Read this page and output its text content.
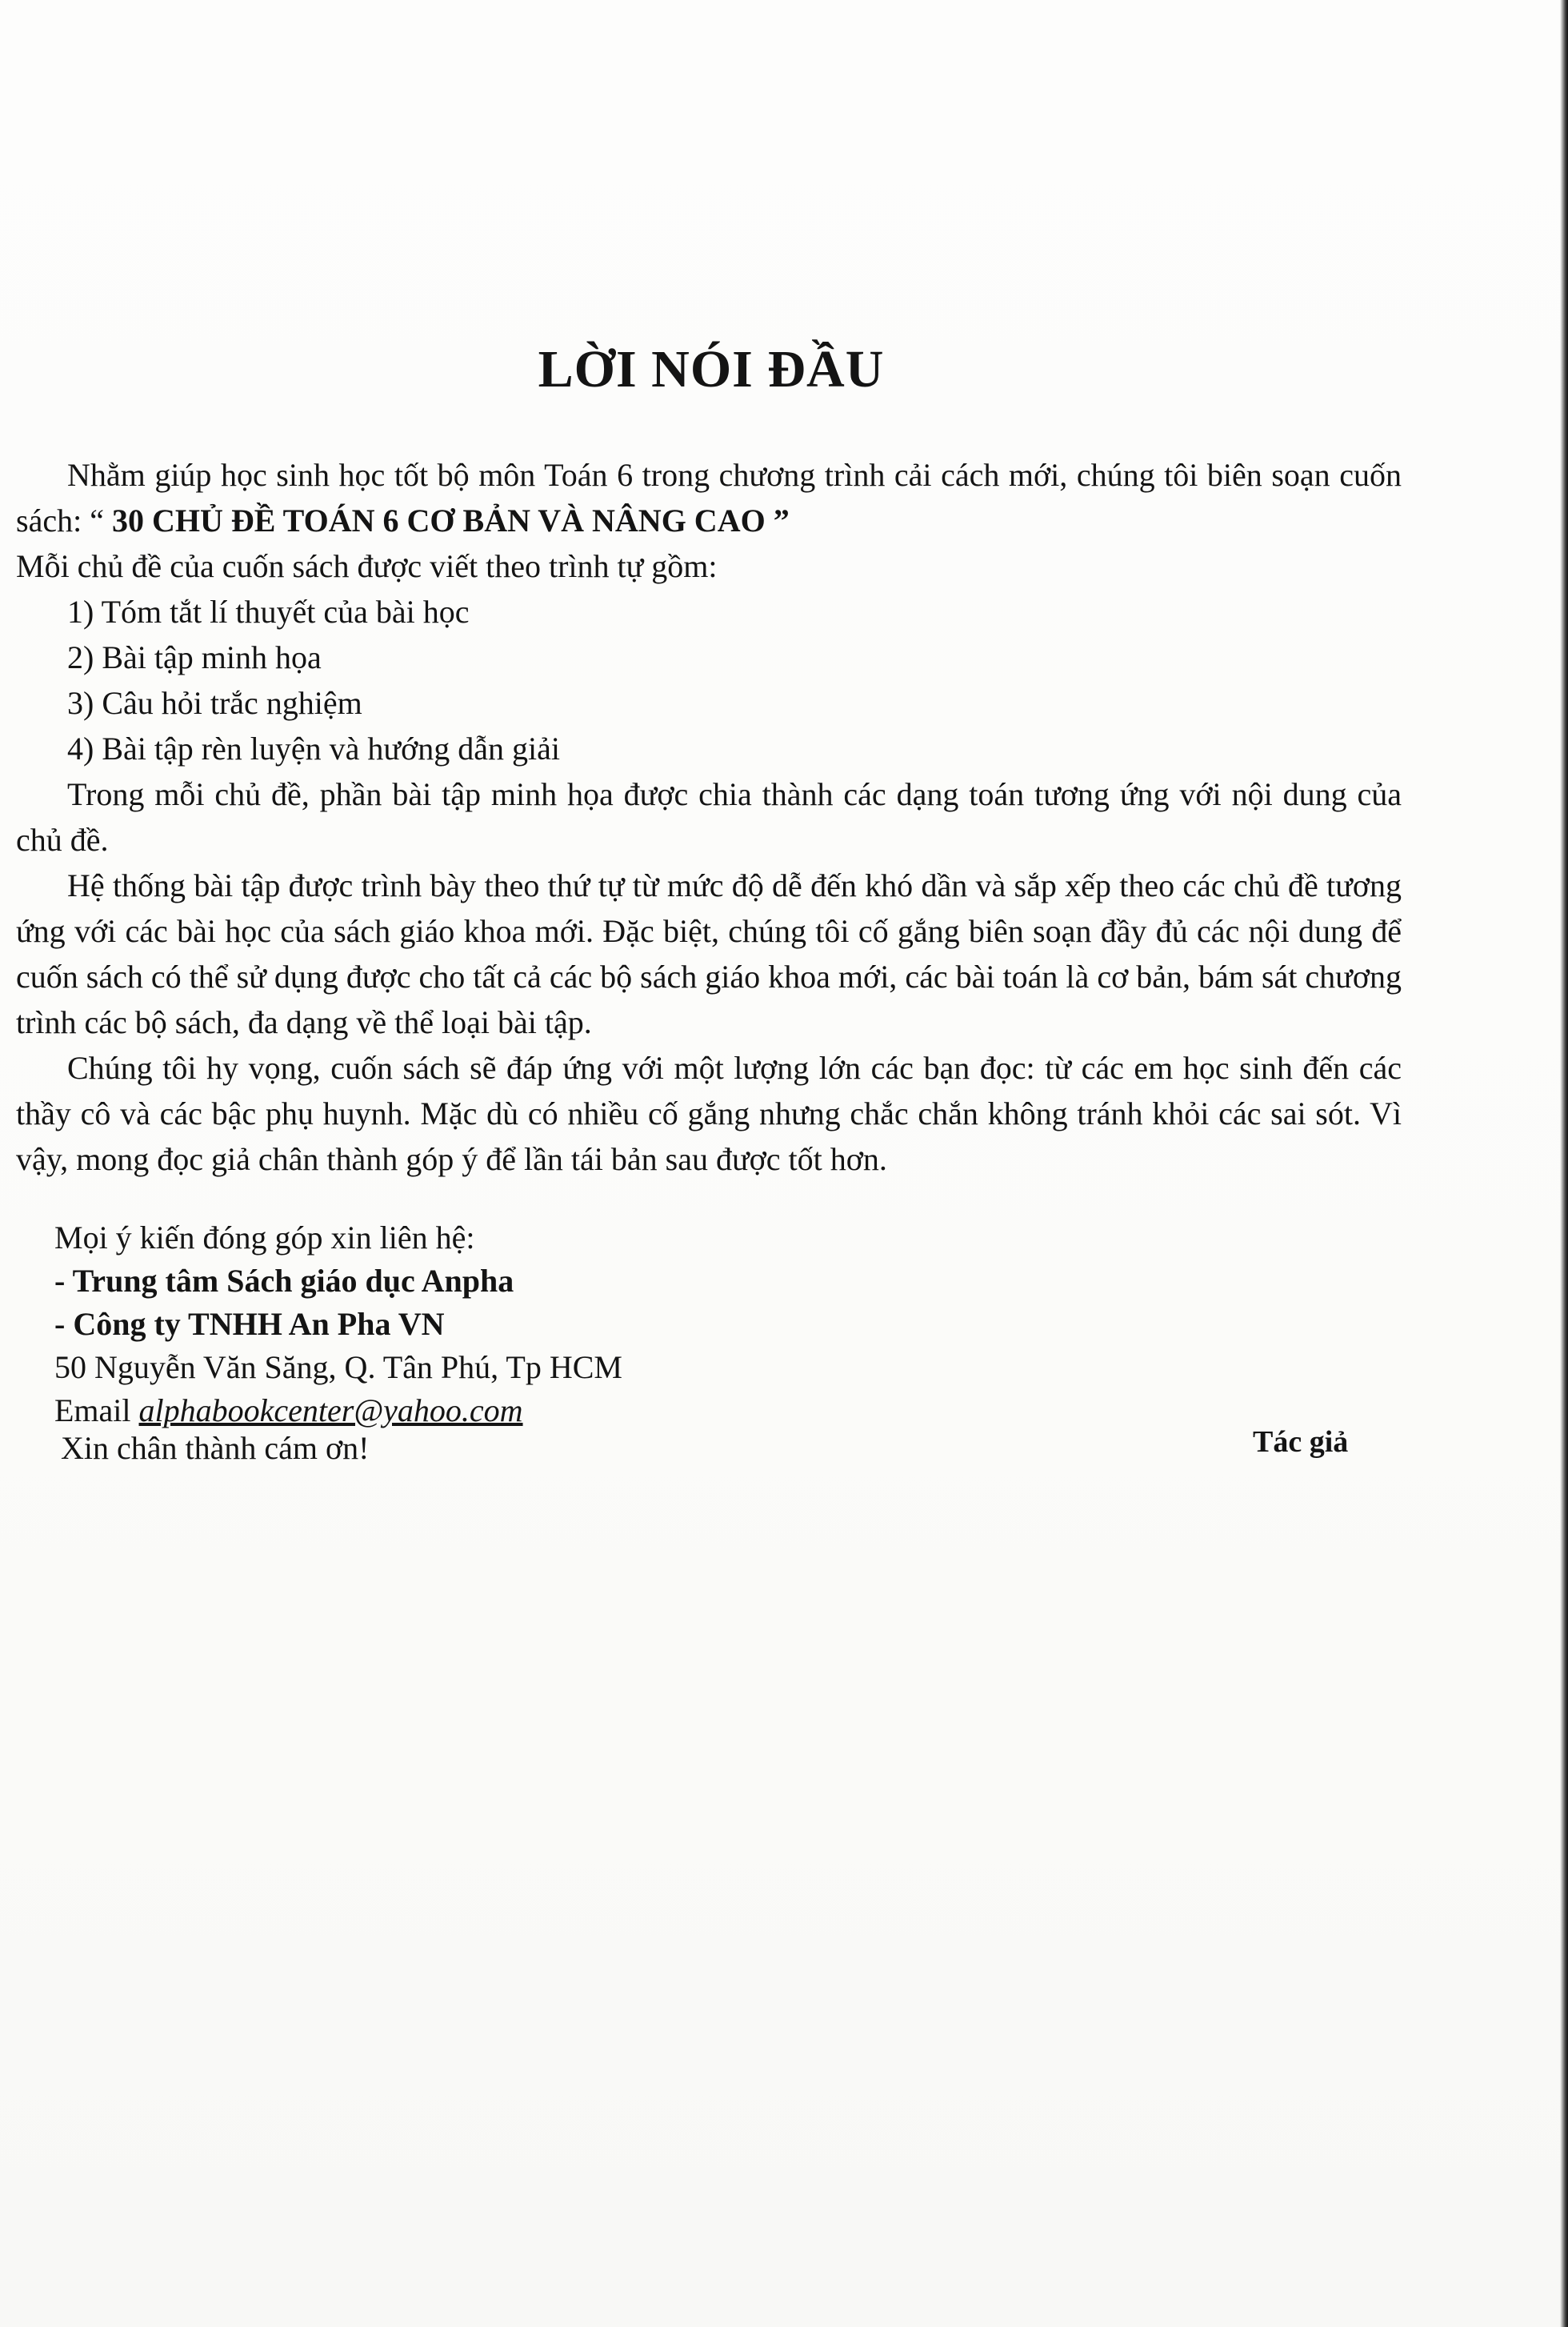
LỜI NÓI ĐẦU

Nhằm giúp học sinh học tốt bộ môn Toán 6 trong chương trình cải cách mới, chúng tôi biên soạn cuốn sách: “ 30 CHỦ ĐỀ TOÁN 6 CƠ BẢN VÀ NÂNG CAO ”

Mỗi chủ đề của cuốn sách được viết theo trình tự gồm:

1) Tóm tắt lí thuyết của bài học

2) Bài tập minh họa

3) Câu hỏi trắc nghiệm

4) Bài tập rèn luyện và hướng dẫn giải

Trong mỗi chủ đề, phần bài tập minh họa được chia thành các dạng toán tương ứng với nội dung của chủ đề.

Hệ thống bài tập được trình bày theo thứ tự từ mức độ dễ đến khó dần và sắp xếp theo các chủ đề tương ứng với các bài học của sách giáo khoa mới. Đặc biệt, chúng tôi cố gắng biên soạn đầy đủ các nội dung để cuốn sách có thể sử dụng được cho tất cả các bộ sách giáo khoa mới, các bài toán là cơ bản, bám sát chương trình các bộ sách, đa dạng về thể loại bài tập.

Chúng tôi hy vọng, cuốn sách sẽ đáp ứng với một lượng lớn các bạn đọc: từ các em học sinh đến các thầy cô và các bậc phụ huynh. Mặc dù có nhiều cố gắng nhưng chắc chắn không tránh khỏi các sai sót. Vì vậy, mong đọc giả chân thành góp ý để lần tái bản sau được tốt hơn.

Mọi ý kiến đóng góp xin liên hệ:
- Trung tâm Sách giáo dục Anpha
- Công ty TNHH An Pha VN
50 Nguyễn Văn Săng, Q. Tân Phú, Tp HCM
Email alphabookcenter@yahoo.com
Xin chân thành cám ơn!	Tác giả
